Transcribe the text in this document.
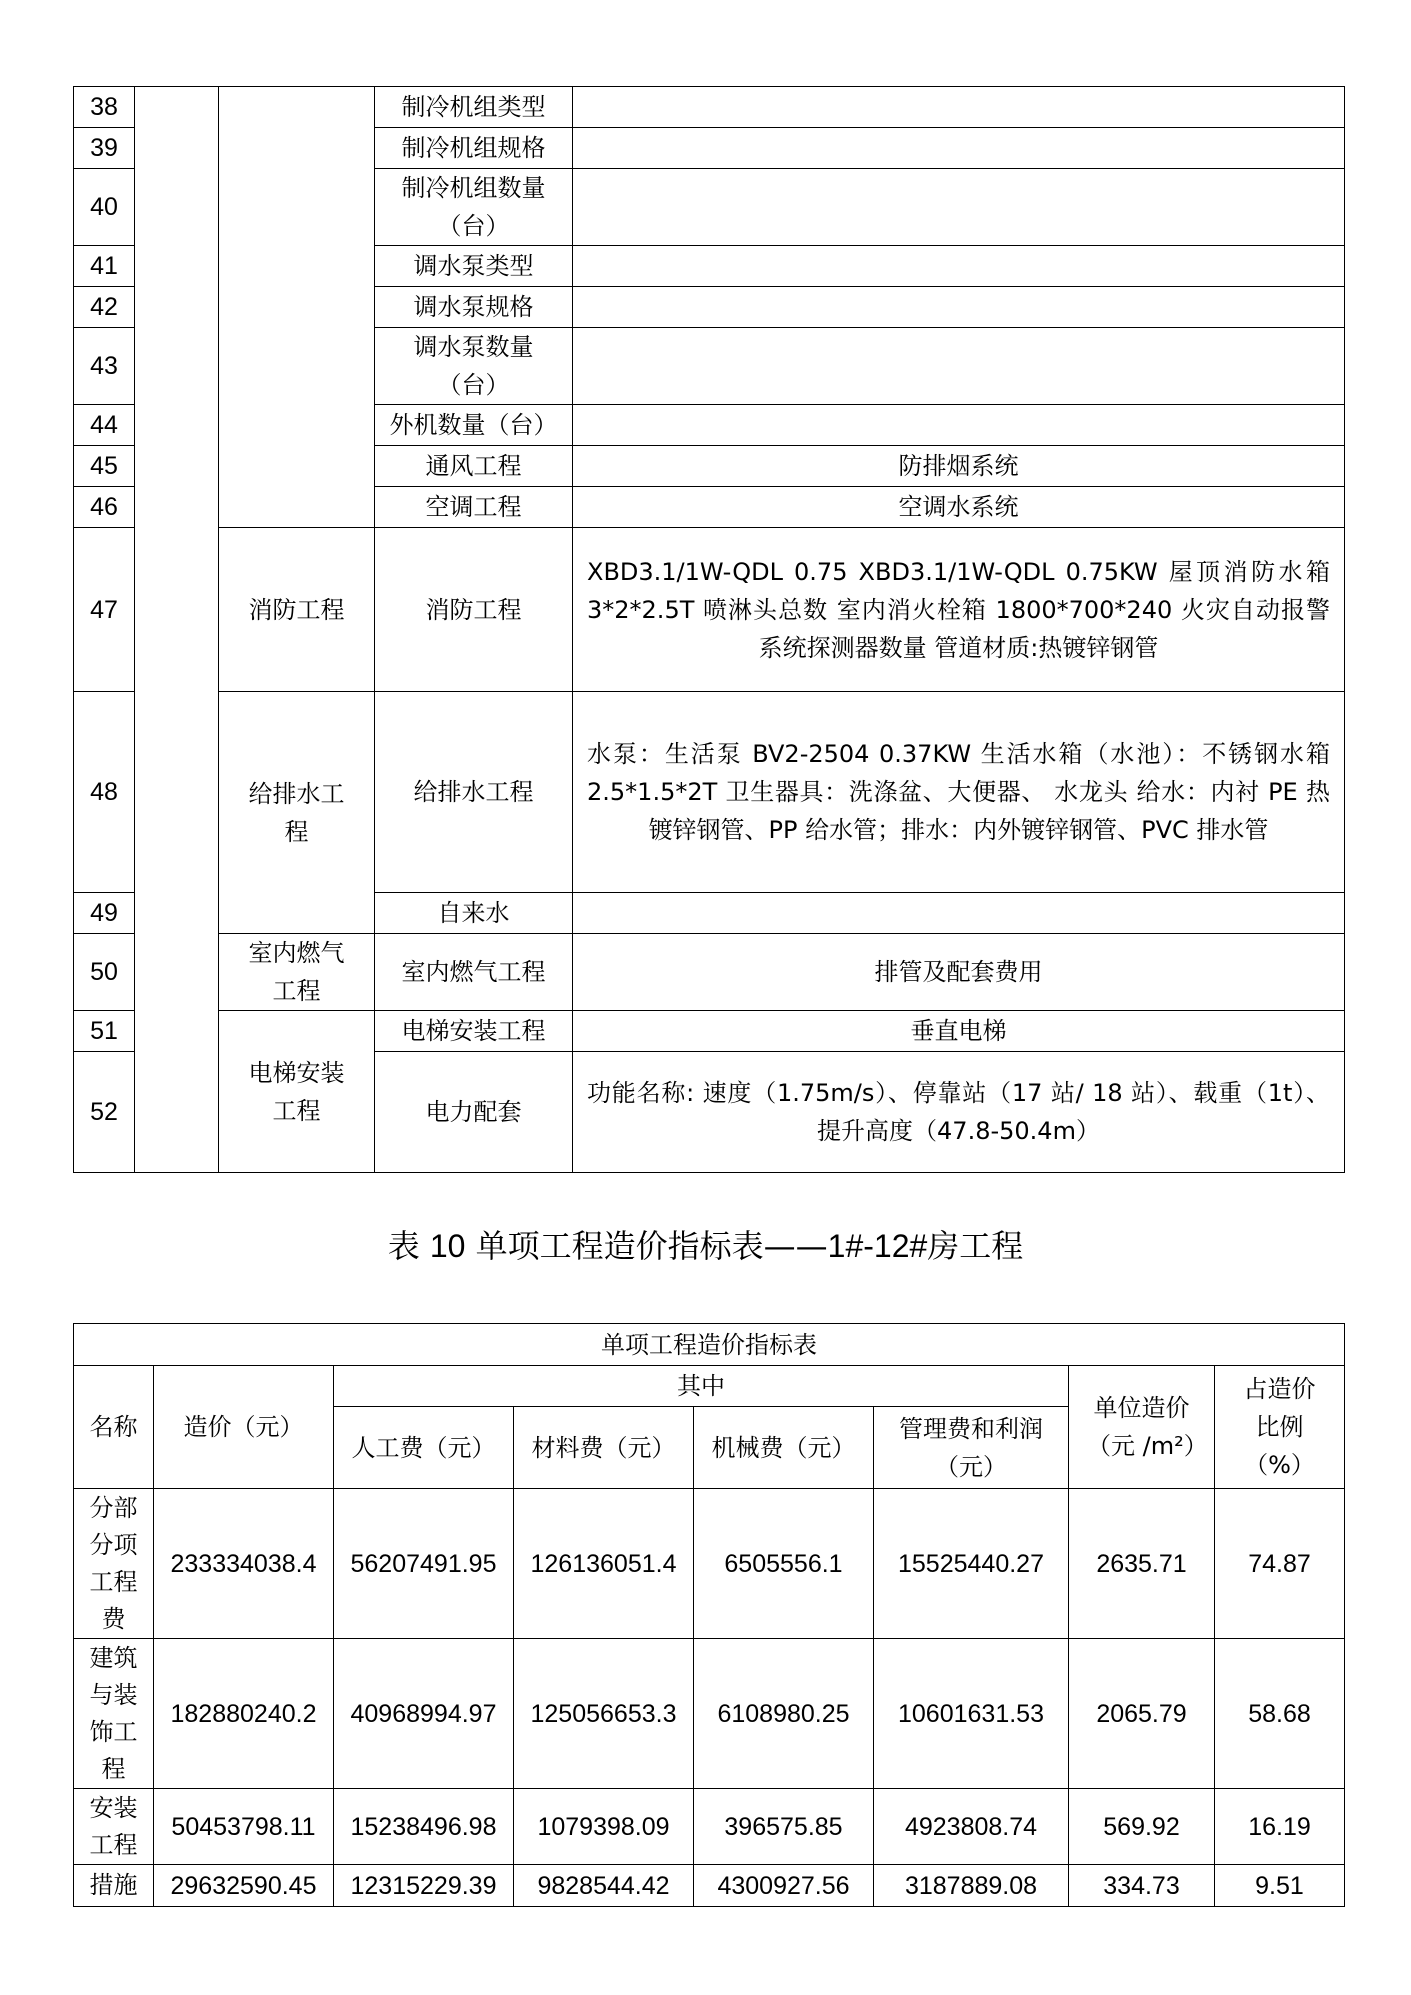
38			制冷机组类型	
39			制冷机组规格	
40			制冷机组数量（台）	
41			调水泵类型	
42			调水泵规格	
43			调水泵数量（台）	
44			外机数量（台）	
45			通风工程	防排烟系统
46			空调工程	空调水系统
47		消防工程	消防工程	XBD3.1/1W-QDL 0.75 XBD3.1/1W-QDL 0.75KW 屋顶消防水箱 3*2*2.5T 喷淋头总数 室内消火栓箱 1800*700*240 火灾自动报警系统探测器数量 管道材质:热镀锌钢管
48		给排水工程	给排水工程	水泵：生活泵 BV2-2504 0.37KW 生活水箱（水池）：不锈钢水箱 2.5*1.5*2T 卫生器具：洗涤盆、大便器、 水龙头 给水：内衬 PE 热镀锌钢管、PP 给水管；排水：内外镀锌钢管、PVC 排水管
49			自来水	
50		室内燃气工程	室内燃气工程	排管及配套费用
51		电梯安装工程	电梯安装工程	垂直电梯
52			电力配套	功能名称: 速度（1.75m/s）、停靠站（17 站/ 18 站）、载重（1t）、提升高度（47.8-50.4m）
表 10 单项工程造价指标表——1#-12#房工程
单项工程造价指标表							
名称	造价（元）	其中				单位造价（元 /m²）	占造价比例（%）
		人工费（元）	材料费（元）	机械费（元）	管理费和利润（元）		
分部分项工程费	233334038.4	56207491.95	126136051.4	6505556.1	15525440.27	2635.71	74.87
建筑与装饰工程	182880240.2	40968994.97	125056653.3	6108980.25	10601631.53	2065.79	58.68
安装工程	50453798.11	15238496.98	1079398.09	396575.85	4923808.74	569.92	16.19
措施	29632590.45	12315229.39	9828544.42	4300927.56	3187889.08	334.73	9.51
